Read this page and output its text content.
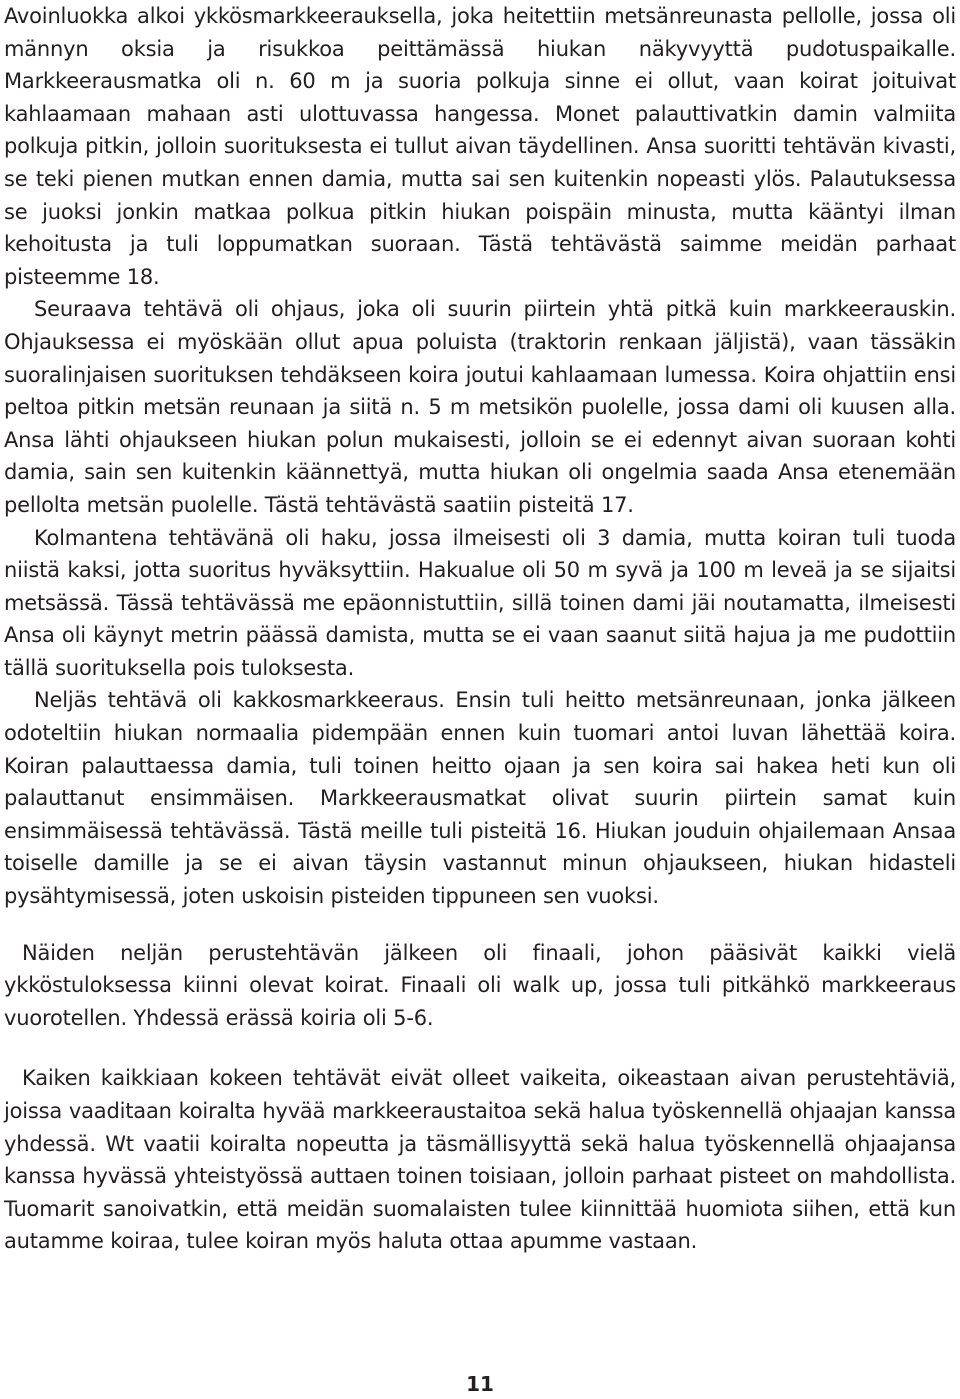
Avoinluokka alkoi ykkösmarkkeerauksella, joka heitettiin metsänreunasta pellolle, jossa oli männyn oksia ja risukkoa peittämässä hiukan näkyvyyttä pudotuspaikalle. Markkeerausmatka oli n. 60 m ja suoria polkuja sinne ei ollut, vaan koirat joituivat kahlaamaan mahaan asti ulottuvassa hangessa. Monet palauttivatkin damin valmiita polkuja pitkin, jolloin suorituksesta ei tullut aivan täydellinen. Ansa suoritti tehtävän kivasti, se teki pienen mutkan ennen damia, mutta sai sen kuitenkin nopeasti ylös. Palautuksessa se juoksi jonkin matkaa polkua pitkin hiukan poispäin minusta, mutta kääntyi ilman kehoitusta ja tuli loppumatkan suoraan. Tästä tehtävästä saimme meidän parhaat pisteemme 18.

Seuraava tehtävä oli ohjaus, joka oli suurin piirtein yhtä pitkä kuin markkeerauskin. Ohjauksessa ei myöskään ollut apua poluista (traktorin renkaan jäljistä), vaan tässäkin suoralinjaisen suorituksen tehdäkseen koira joutui kahlaamaan lumessa. Koira ohjattiin ensi peltoa pitkin metsän reunaan ja siitä n. 5 m metsikön puolelle, jossa dami oli kuusen alla. Ansa lähti ohjaukseen hiukan polun mukaisesti, jolloin se ei edennyt aivan suoraan kohti damia, sain sen kuitenkin käännettyä, mutta hiukan oli ongelmia saada Ansa etenemään pellolta metsän puolelle. Tästä tehtävästä saatiin pisteitä 17.

Kolmantena tehtävänä oli haku, jossa ilmeisesti oli 3 damia, mutta koiran tuli tuoda niistä kaksi, jotta suoritus hyväksyttiin. Hakualue oli 50 m syvä ja 100 m leveä ja se sijaitsi metsässä. Tässä tehtävässä me epäonnistuttiin, sillä toinen dami jäi noutamatta, ilmeisesti Ansa oli käynyt metrin päässä damista, mutta se ei vaan saanut siitä hajua ja me pudottiin tällä suorituksella pois tuloksesta.

Neljäs tehtävä oli kakkosmarkkeeraus. Ensin tuli heitto metsänreunaan, jonka jälkeen odoteltiin hiukan normaalia pidempään ennen kuin tuomari antoi luvan lähettää koira. Koiran palauttaessa damia, tuli toinen heitto ojaan ja sen koira sai hakea heti kun oli palauttanut ensimmäisen. Markkeerausmatkat olivat suurin piirtein samat kuin ensimmäisessä tehtävässä. Tästä meille tuli pisteitä 16. Hiukan jouduin ohjailemaan Ansaa toiselle damille ja se ei aivan täysin vastannut minun ohjaukseen, hiukan hidasteli pysähtymisessä, joten uskoisin pisteiden tippuneen sen vuoksi.

Näiden neljän perustehtävän jälkeen oli finaali, johon pääsivät kaikki vielä ykköstuloksessa kiinni olevat koirat. Finaali oli walk up, jossa tuli pitkähkö markkeeraus vuorotellen. Yhdessä erässä koiria oli 5-6.

Kaiken kaikkiaan kokeen tehtävät eivät olleet vaikeita, oikeastaan aivan perustehtäviä, joissa vaaditaan koiralta hyvää markkeeraustaitoa sekä halua työskennellä ohjaajan kanssa yhdessä. Wt vaatii koiralta nopeutta ja täsmällisyyttä sekä halua työskennellä ohjaajansa kanssa hyvässä yhteistyössä auttaen toinen toisiaan, jolloin parhaat pisteet on mahdollista. Tuomarit sanoivatkin, että meidän suomalaisten tulee kiinnittää huomiota siihen, että kun autamme koiraa, tulee koiran myös haluta ottaa apumme vastaan.

11
